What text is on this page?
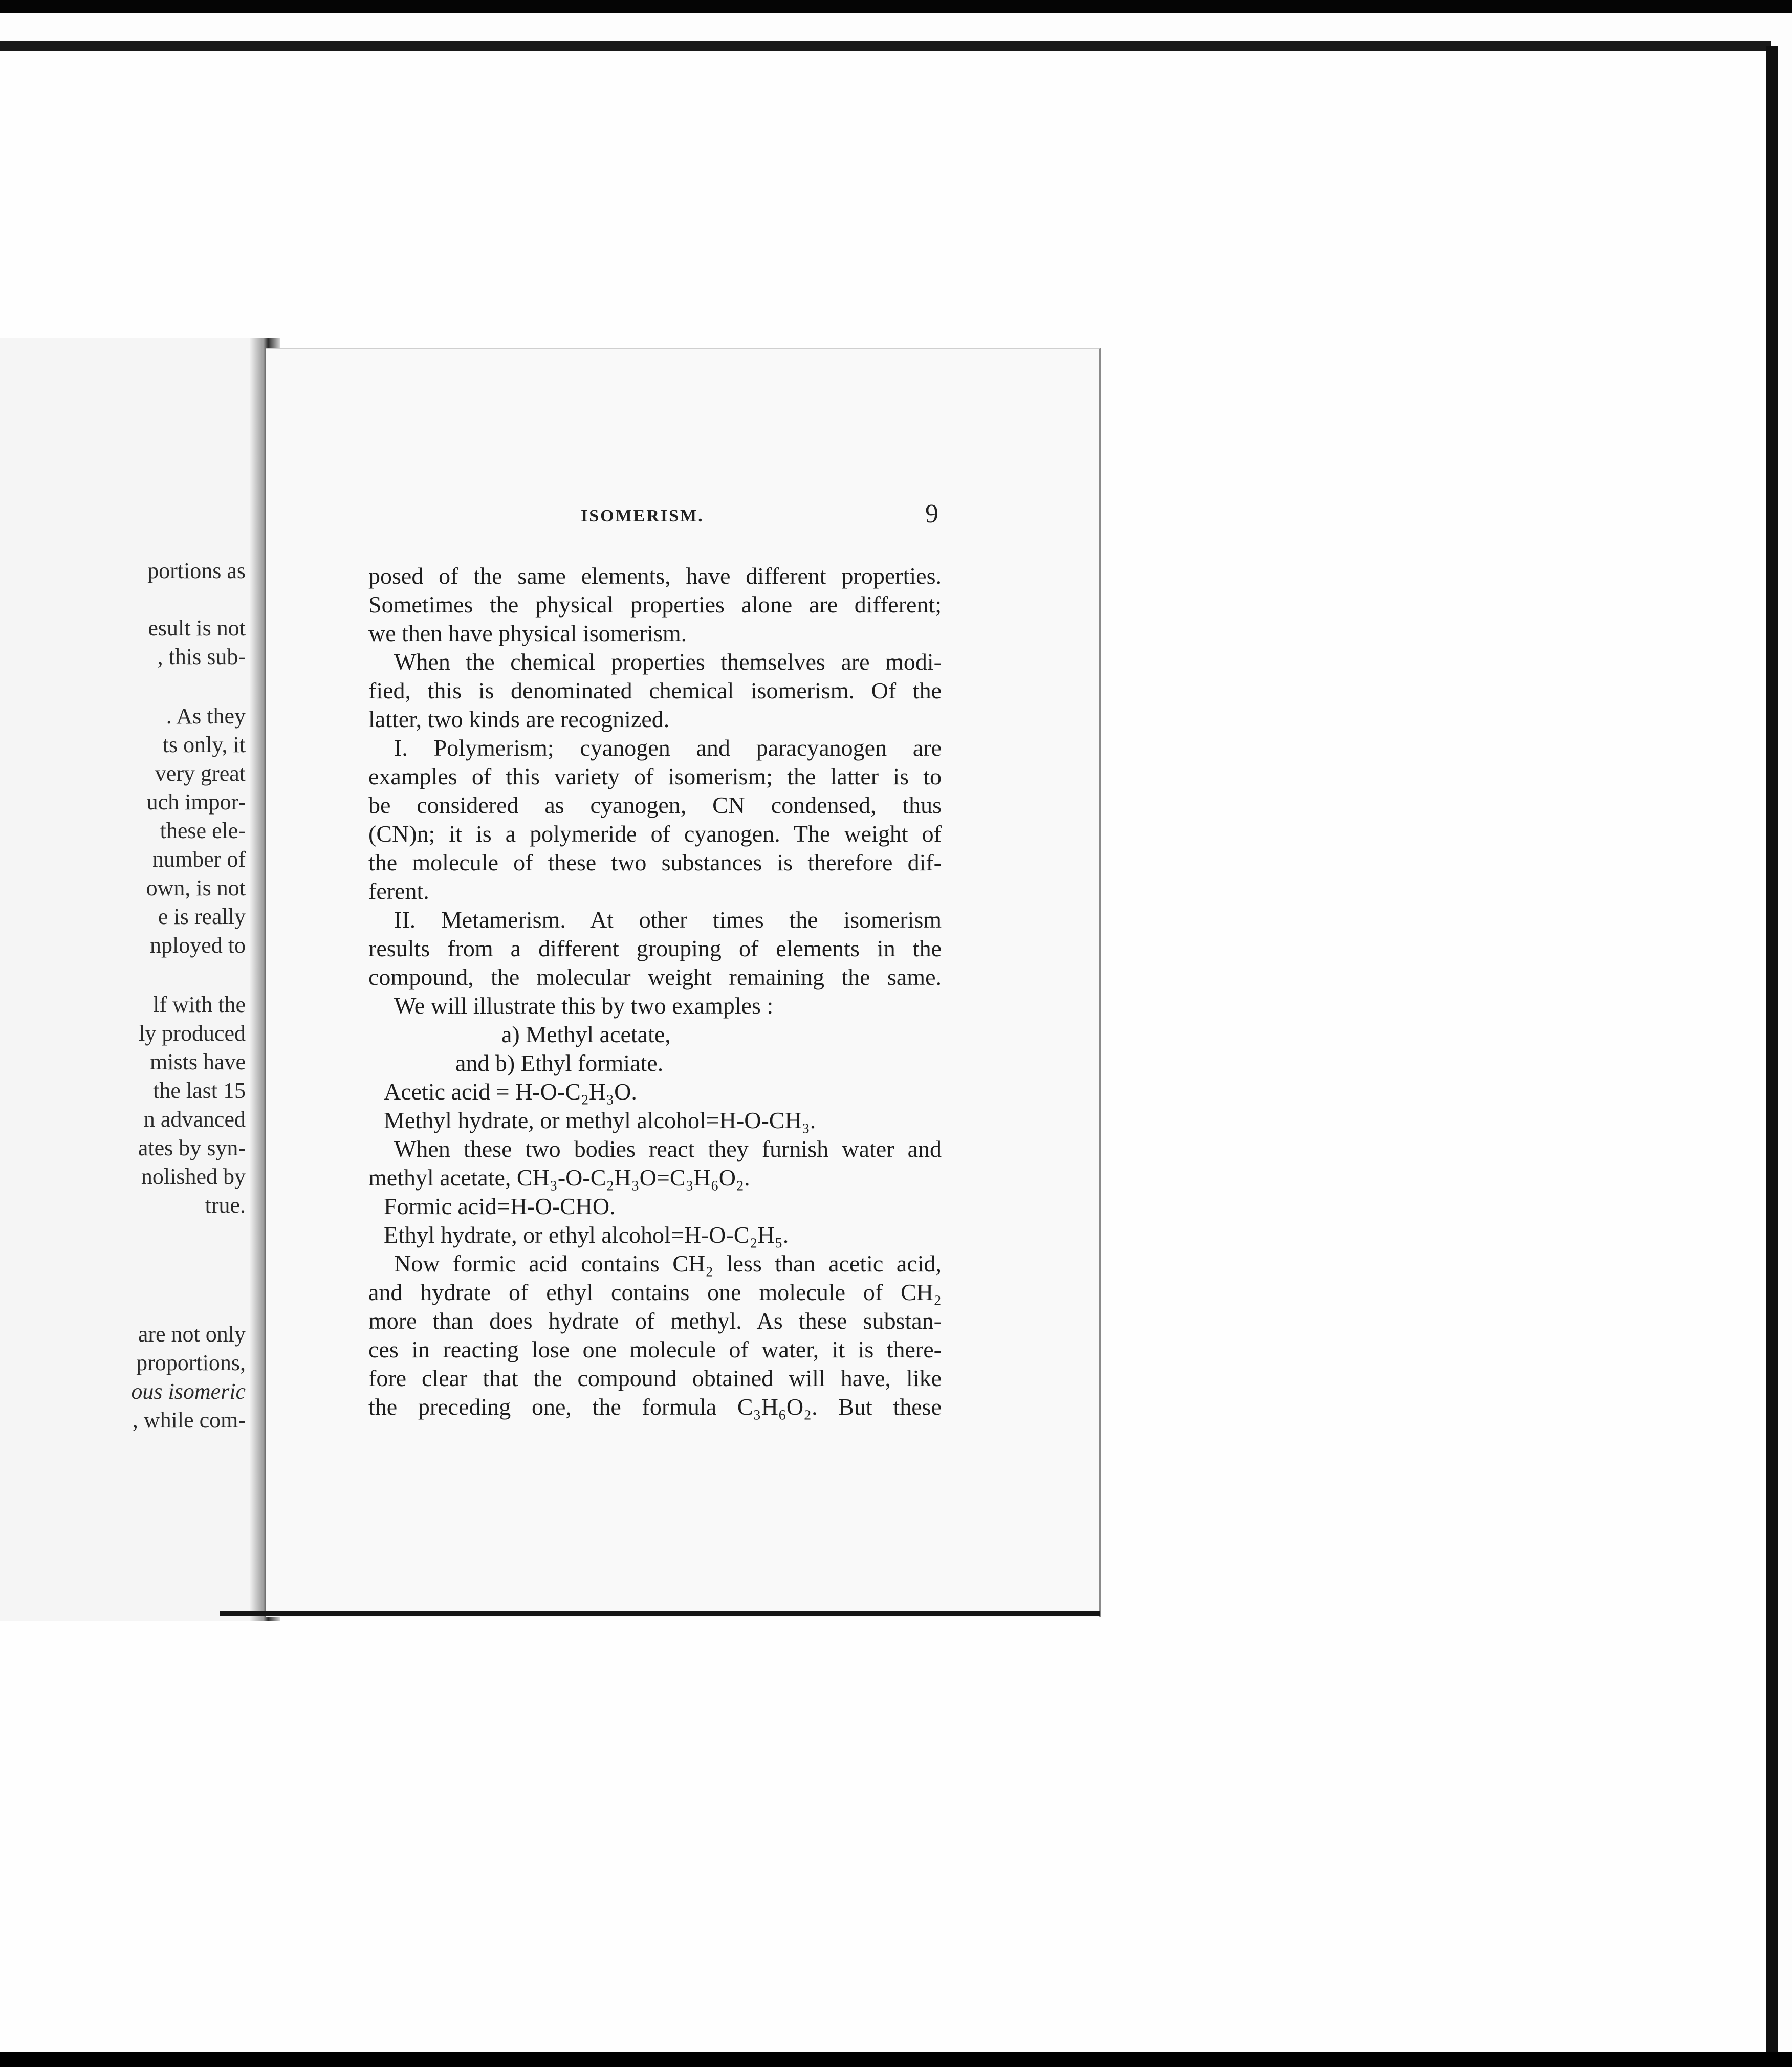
portions as
esult is not
, this sub-
. As they
ts only, it
very great
uch impor-
these ele-
number of
own, is not
e is really
nployed to
lf with the
ly produced
mists have
the last 15
n advanced
ates by syn-
nolished by
true.
are not only
proportions,
ous isomeric
, while com-
ISOMERISM.	9
posed of the same elements, have different properties.
Sometimes the physical properties alone are different;
we then have physical isomerism.
When the chemical properties themselves are modi-
fied, this is denominated chemical isomerism. Of the
latter, two kinds are recognized.
I. Polymerism; cyanogen and paracyanogen are
examples of this variety of isomerism; the latter is to
be considered as cyanogen, CN condensed, thus
(CN)n; it is a polymeride of cyanogen. The weight of
the molecule of these two substances is therefore dif-
ferent.
II. Metamerism. At other times the isomerism
results from a different grouping of elements in the
compound, the molecular weight remaining the same.
We will illustrate this by two examples :
a) Methyl acetate,
and b) Ethyl formiate.
Acetic acid = H-O-C₂H₃O.
Methyl hydrate, or methyl alcohol=H-O-CH₃.
When these two bodies react they furnish water and
methyl acetate, CH₃-O-C₂H₃O=C₃H₆O₂.
Formic acid=H-O-CHO.
Ethyl hydrate, or ethyl alcohol=H-O-C₂H₅.
Now formic acid contains CH₂ less than acetic acid,
and hydrate of ethyl contains one molecule of CH₂
more than does hydrate of methyl. As these substan-
ces in reacting lose one molecule of water, it is there-
fore clear that the compound obtained will have, like
the preceding one, the formula C₃H₆O₂. But these
